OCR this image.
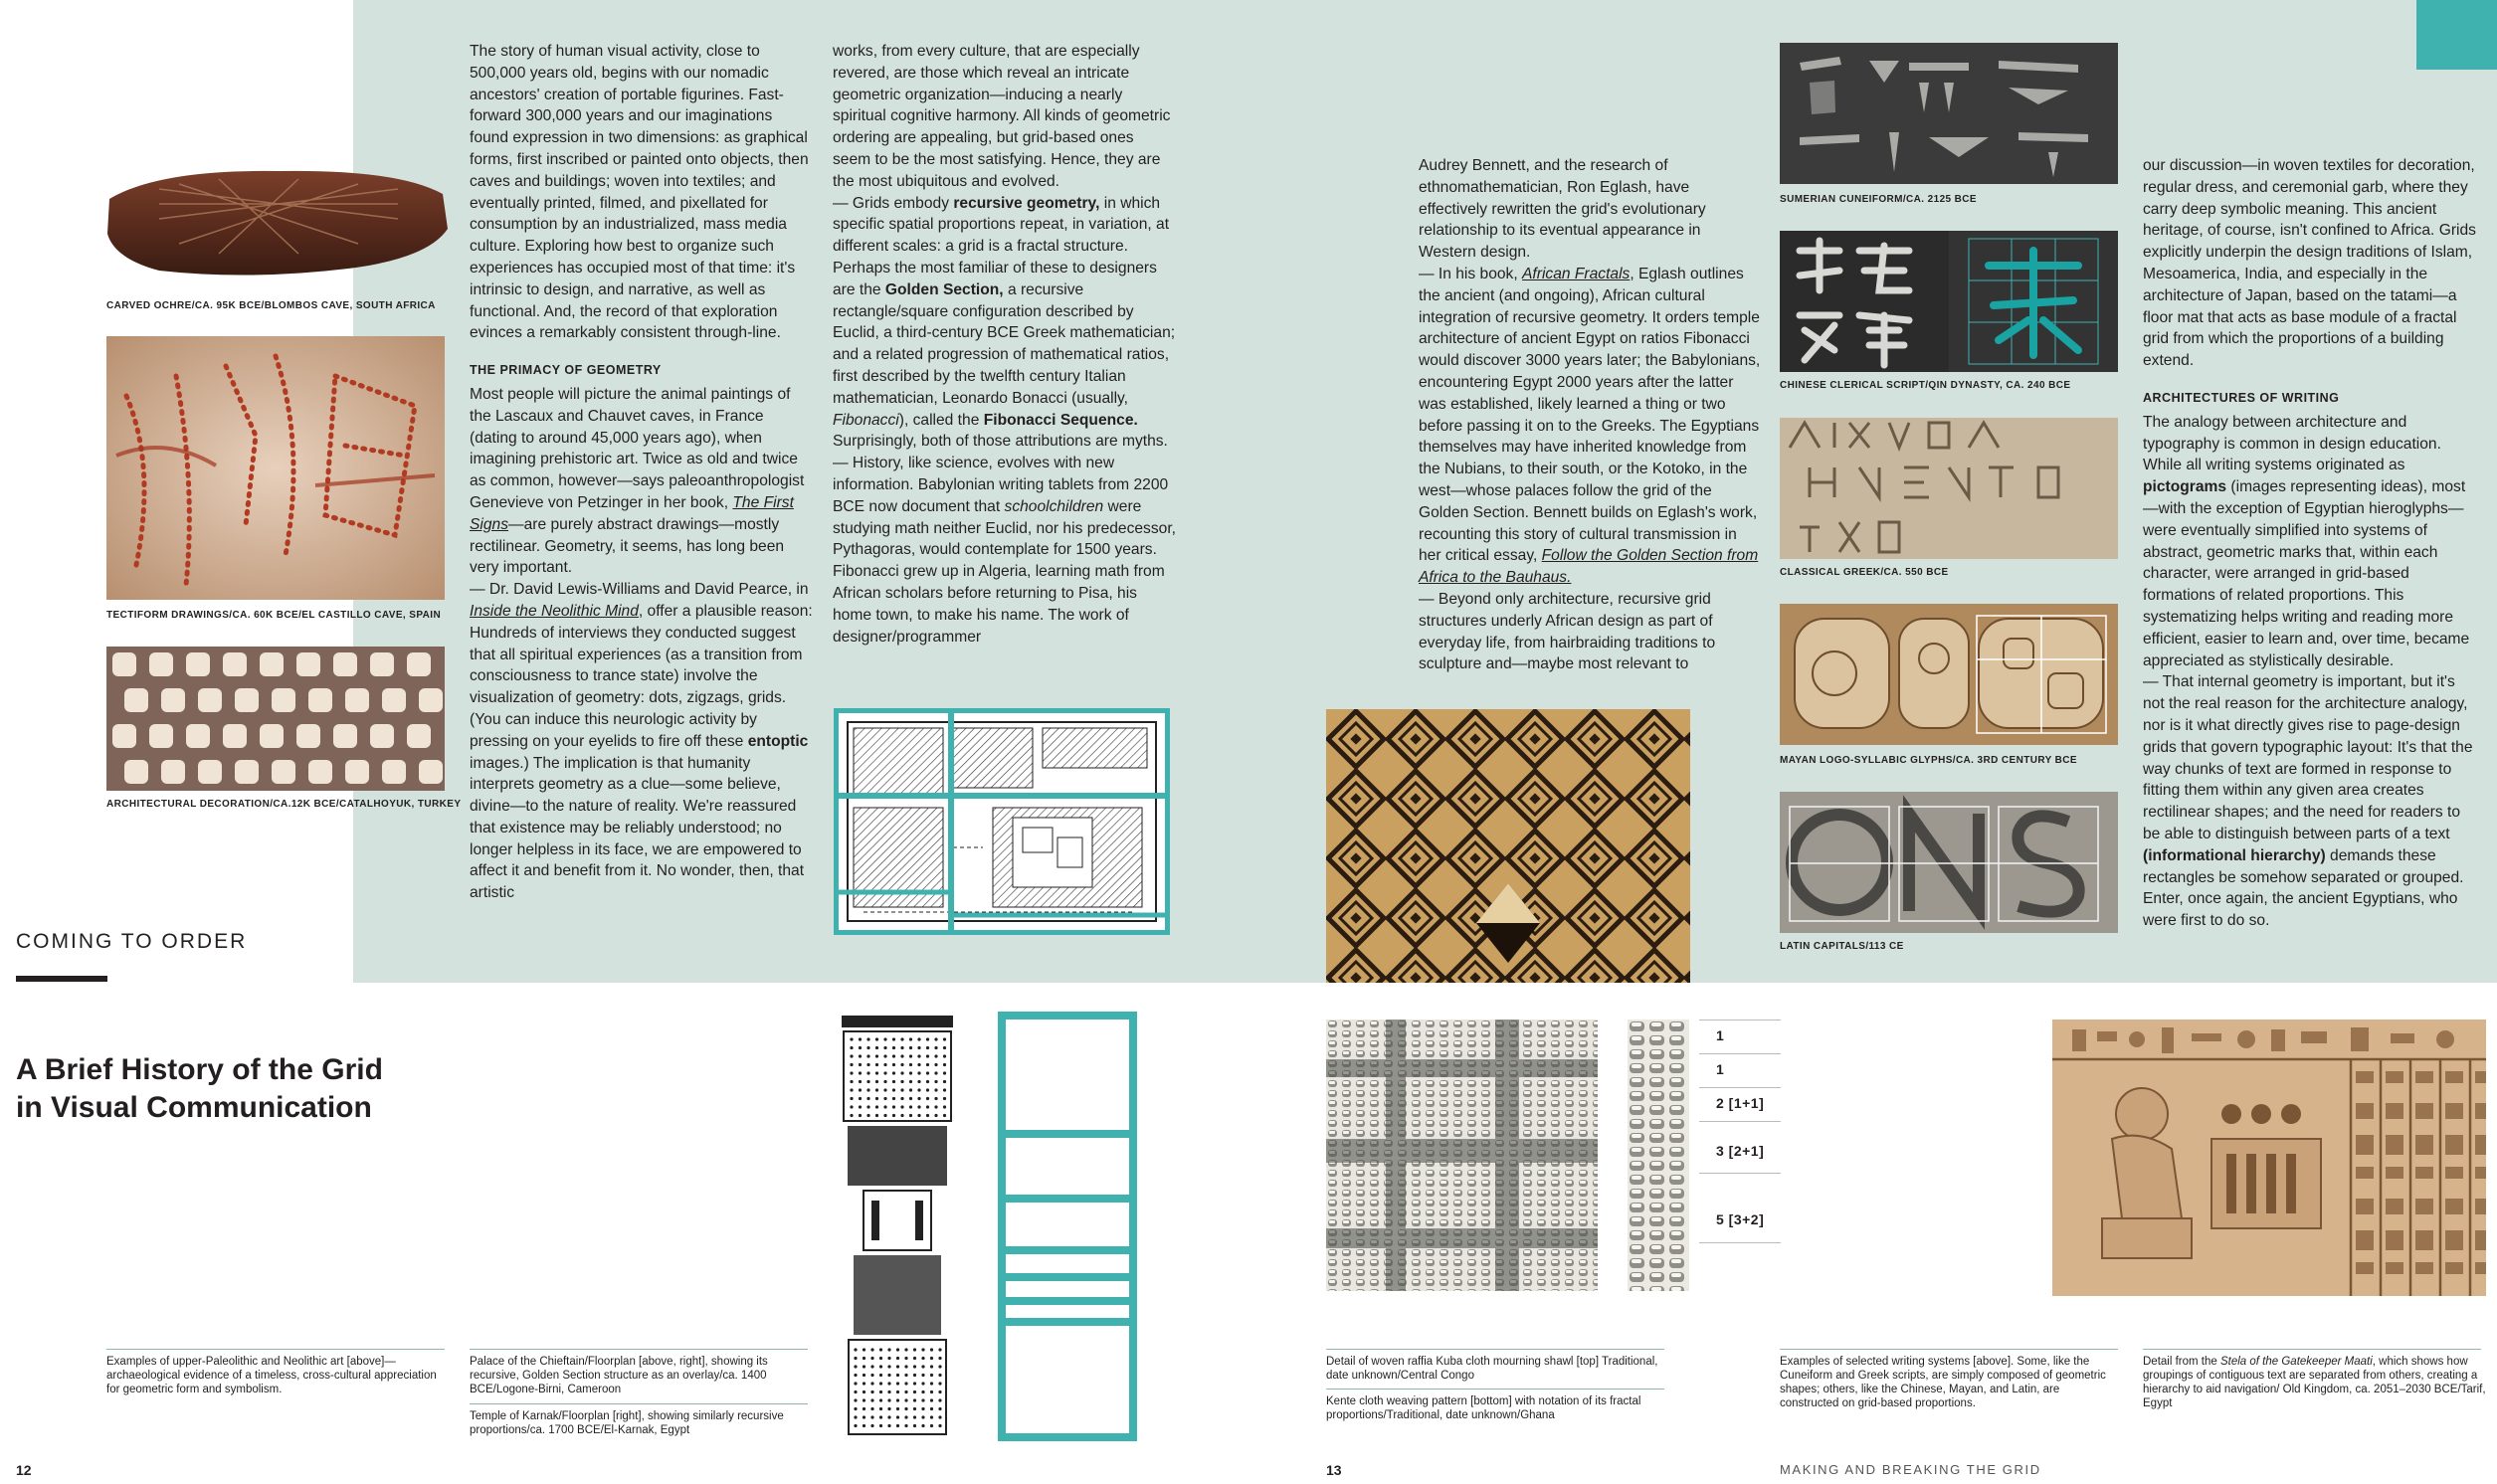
CARVED OCHRE/CA. 95K BCE/BLOMBOS CAVE, SOUTH AFRICA
TECTIFORM DRAWINGS/CA. 60K BCE/EL CASTILLO CAVE, SPAIN
ARCHITECTURAL DECORATION/CA.12K BCE/CATALHOYUK, TURKEY
COMING TO ORDER
A Brief History of the Grid
in Visual Communication

The story of human visual activity, close to 500,000 years old, begins with our nomadic ancestors' creation of portable figurines. Fast-forward 300,000 years and our imaginations found expression in two dimensions: as graphical forms, first inscribed or painted onto objects, then caves and buildings; woven into textiles; and eventually printed, filmed, and pixellated for consumption by an industrialized, mass media culture. Exploring how best to organize such experiences has occupied most of that time: it's intrinsic to design, and narrative, as well as functional. And, the record of that exploration evinces a remarkably consistent through-line.

THE PRIMACY OF GEOMETRY

Most people will picture the animal paintings of the Lascaux and Chauvet caves, in France (dating to around 45,000 years ago), when imagining prehistoric art. Twice as old and twice as common, however—says paleoanthropologist Genevieve von Petzinger in her book, The First Signs—are purely abstract drawings—mostly rectilinear. Geometry, it seems, has long been very important.

— Dr. David Lewis-Williams and David Pearce, in Inside the Neolithic Mind, offer a plausible reason: Hundreds of interviews they conducted suggest that all spiritual experiences (as a transition from consciousness to trance state) involve the visualization of geometry: dots, zigzags, grids. (You can induce this neurologic activity by pressing on your eyelids to fire off these entoptic images.) The implication is that humanity interprets geometry as a clue—some believe, divine—to the nature of reality. We're reassured that existence may be reliably understood; no longer helpless in its face, we are empowered to affect it and benefit from it. No wonder, then, that artistic

works, from every culture, that are especially revered, are those which reveal an intricate geometric organization—inducing a nearly spiritual cognitive harmony. All kinds of geometric ordering are appealing, but grid-based ones seem to be the most satisfying. Hence, they are the most ubiquitous and evolved.

— Grids embody recursive geometry, in which specific spatial proportions repeat, in variation, at different scales: a grid is a fractal structure. Perhaps the most familiar of these to designers are the Golden Section, a recursive rectangle/square configuration described by Euclid, a third-century BCE Greek mathematician; and a related progression of mathematical ratios, first described by the twelfth century Italian mathematician, Leonardo Bonacci (usually, Fibonacci), called the Fibonacci Sequence. Surprisingly, both of those attributions are myths.

— History, like science, evolves with new information. Babylonian writing tablets from 2200 BCE now document that schoolchildren were studying math neither Euclid, nor his predecessor, Pythagoras, would contemplate for 1500 years. Fibonacci grew up in Algeria, learning math from African scholars before returning to Pisa, his home town, to make his name. The work of designer/programmer

Audrey Bennett, and the research of ethnomathematician, Ron Eglash, have effectively rewritten the grid's evolutionary relationship to its eventual appearance in Western design.

— In his book, African Fractals, Eglash outlines the ancient (and ongoing), African cultural integration of recursive geometry. It orders temple architecture of ancient Egypt on ratios Fibonacci would discover 3000 years later; the Babylonians, encountering Egypt 2000 years after the latter was established, likely learned a thing or two before passing it on to the Greeks. The Egyptians themselves may have inherited knowledge from the Nubians, to their south, or the Kotoko, in the west—whose palaces follow the grid of the Golden Section. Bennett builds on Eglash's work, recounting this story of cultural transmission in her critical essay, Follow the Golden Section from Africa to the Bauhaus.

— Beyond only architecture, recursive grid structures underly African design as part of everyday life, from hairbraiding traditions to sculpture and—maybe most relevant to

1
1
2 [1+1]
3 [2+1]
5 [3+2]
SUMERIAN CUNEIFORM/CA. 2125 BCE
CHINESE CLERICAL SCRIPT/QIN DYNASTY, CA. 240 BCE
CLASSICAL GREEK/CA. 550 BCE
MAYAN LOGO-SYLLABIC GLYPHS/CA. 3RD CENTURY BCE
LATIN CAPITALS/113 CE

our discussion—in woven textiles for decoration, regular dress, and ceremonial garb, where they carry deep symbolic meaning. This ancient heritage, of course, isn't confined to Africa. Grids explicitly underpin the design traditions of Islam, Mesoamerica, India, and especially in the architecture of Japan, based on the tatami—a floor mat that acts as base module of a fractal grid from which the proportions of a building extend.

ARCHITECTURES OF WRITING

The analogy between architecture and typography is common in design education. While all writing systems originated as pictograms (images representing ideas), most—with the exception of Egyptian hieroglyphs—were eventually simplified into systems of abstract, geometric marks that, within each character, were arranged in grid-based formations of related proportions. This systematizing helps writing and reading more efficient, easier to learn and, over time, became appreciated as stylistically desirable.

— That internal geometry is important, but it's not the real reason for the architecture analogy, nor is it what directly gives rise to page-design grids that govern typographic layout: It's that the way chunks of text are formed in response to fitting them within any given area creates rectilinear shapes; and the need for readers to be able to distinguish between parts of a text (informational hierarchy) demands these rectangles be somehow separated or grouped. Enter, once again, the ancient Egyptians, who were first to do so.

Examples of upper-Paleolithic and Neolithic art [above]—archaeological evidence of a timeless, cross-cultural appreciation for geometric form and symbolism.
Palace of the Chieftain/Floorplan [above, right], showing its recursive, Golden Section structure as an overlay/ca. 1400 BCE/Logone-Birni, Cameroon
Temple of Karnak/Floorplan [right], showing similarly recursive proportions/ca. 1700 BCE/El-Karnak, Egypt
Detail of woven raffia Kuba cloth mourning shawl [top] Traditional, date unknown/Central Congo
Kente cloth weaving pattern [bottom] with notation of its fractal proportions/Traditional, date unknown/Ghana
Examples of selected writing systems [above]. Some, like the Cuneiform and Greek scripts, are simply composed of geometric shapes; others, like the Chinese, Mayan, and Latin, are constructed on grid-based proportions.
Detail from the Stela of the Gatekeeper Maati, which shows how groupings of contiguous text are separated from others, creating a hierarchy to aid navigation/ Old Kingdom, ca. 2051–2030 BCE/Tarif, Egypt
12	13	MAKING AND BREAKING THE GRID
